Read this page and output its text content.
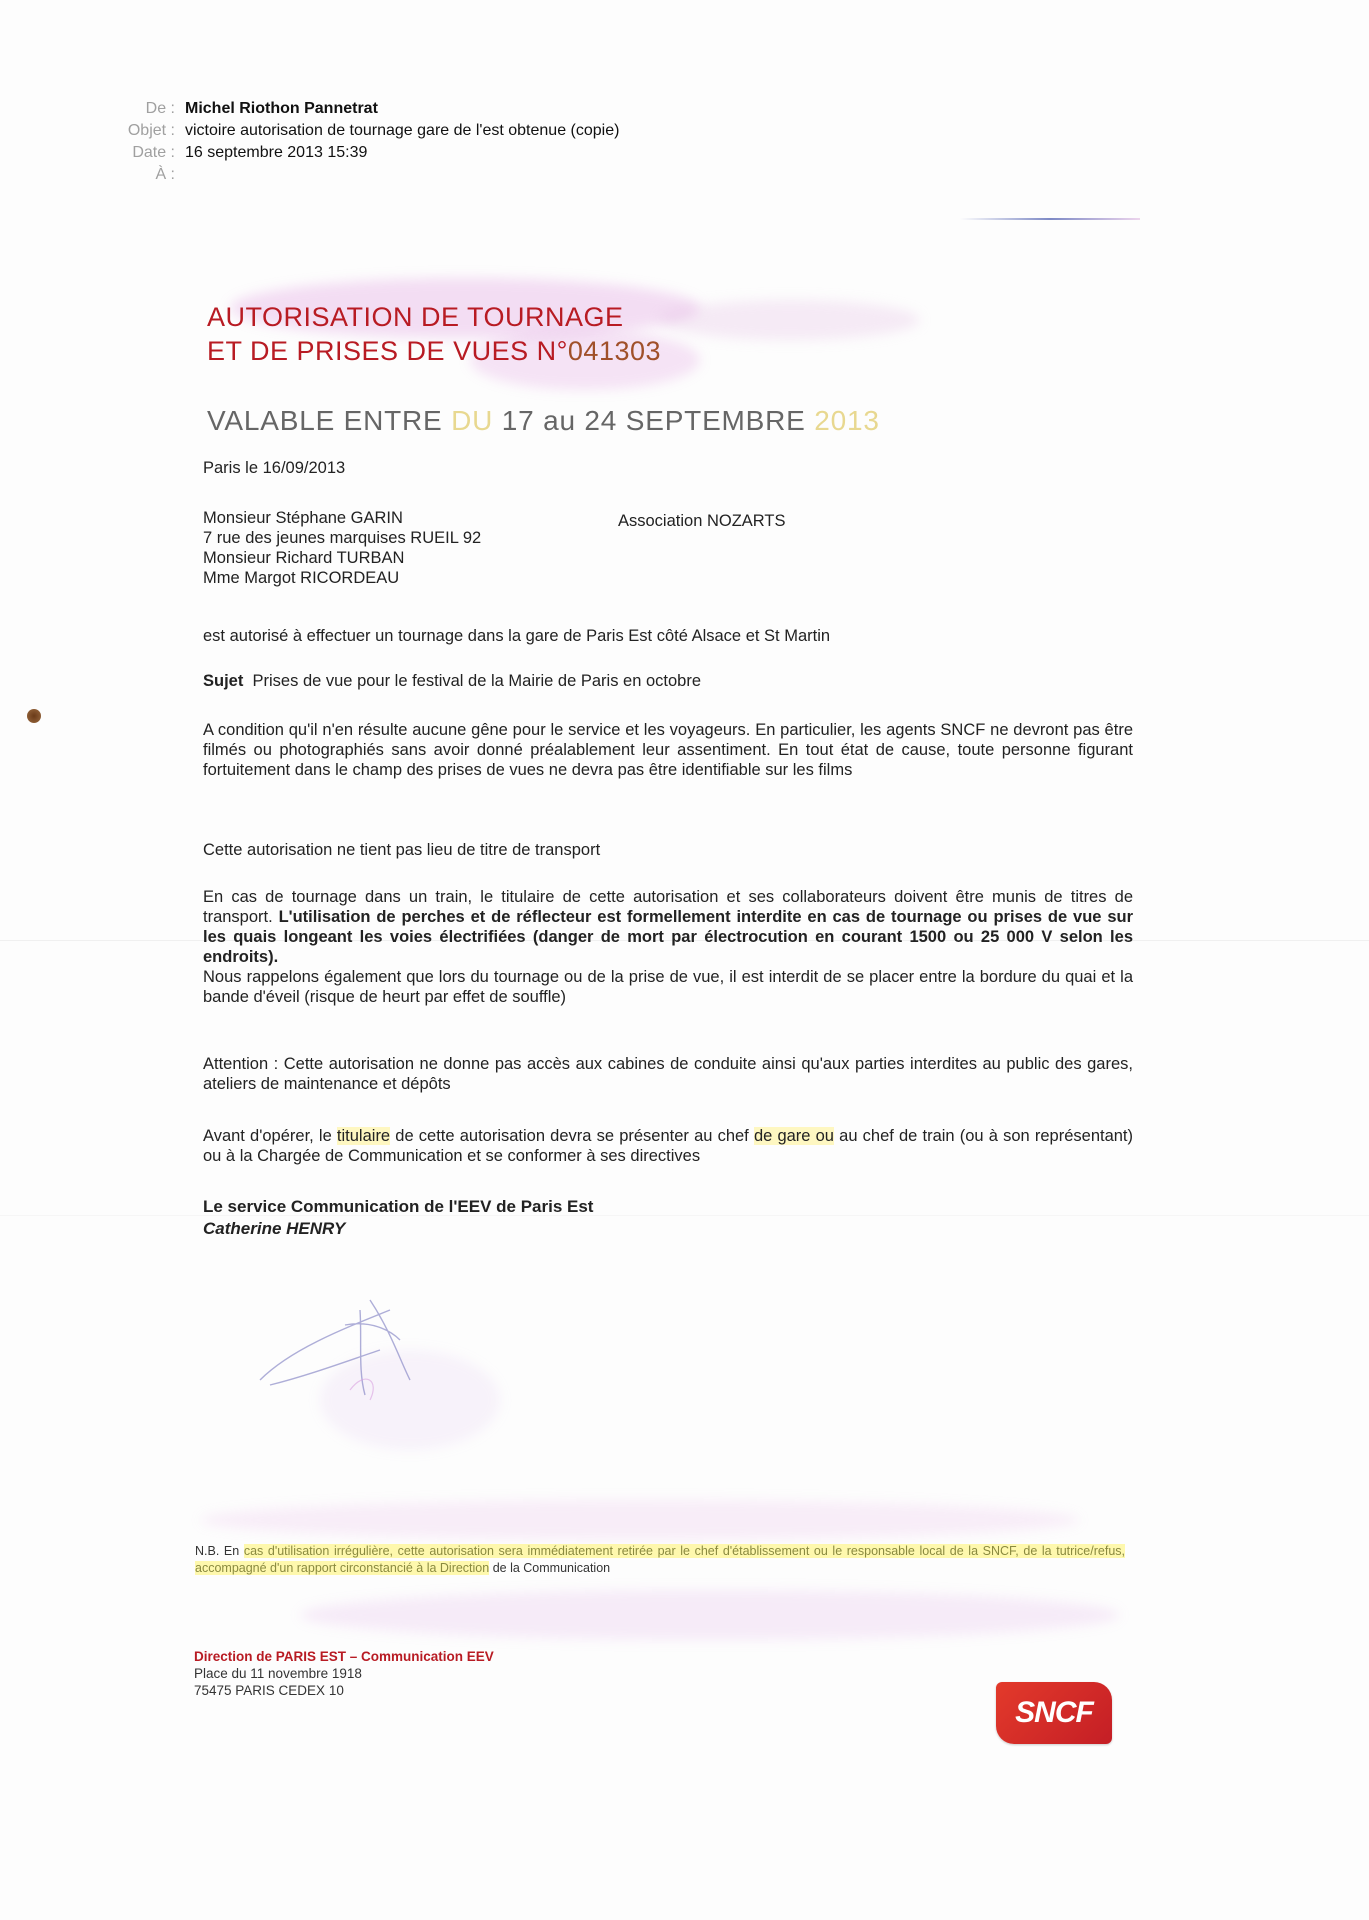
De : Michel Riothon Pannetrat
Objet : victoire autorisation de tournage gare de l'est obtenue (copie)
Date : 16 septembre 2013 15:39
À :
AUTORISATION DE TOURNAGE
ET DE PRISES DE VUES N°041303
VALABLE ENTRE DU 17 au 24 SEPTEMBRE 2013
Paris le 16/09/2013
Monsieur Stéphane GARIN
7 rue des jeunes marquises RUEIL 92
Monsieur Richard TURBAN
Mme Margot RICORDEAU
Association NOZARTS
est autorisé à effectuer un tournage dans la gare de Paris Est côté Alsace et St Martin
Sujet Prises de vue pour le festival de la Mairie de Paris en octobre
A condition qu'il n'en résulte aucune gêne pour le service et les voyageurs. En particulier, les agents SNCF ne devront pas être filmés ou photographiés sans avoir donné préalablement leur assentiment. En tout état de cause, toute personne figurant fortuitement dans le champ des prises de vues ne devra pas être identifiable sur les films
Cette autorisation ne tient pas lieu de titre de transport
En cas de tournage dans un train, le titulaire de cette autorisation et ses collaborateurs doivent être munis de titres de transport. L'utilisation de perches et de réflecteur est formellement interdite en cas de tournage ou prises de vue sur les quais longeant les voies électrifiées (danger de mort par électrocution en courant 1500 ou 25 000 V selon les endroits).
Nous rappelons également que lors du tournage ou de la prise de vue, il est interdit de se placer entre la bordure du quai et la bande d'éveil (risque de heurt par effet de souffle)
Attention : Cette autorisation ne donne pas accès aux cabines de conduite ainsi qu'aux parties interdites au public des gares, ateliers de maintenance et dépôts
Avant d'opérer, le titulaire de cette autorisation devra se présenter au chef de gare ou au chef de train (ou à son représentant) ou à la Chargée de Communication et se conformer à ses directives
Le service Communication de l'EEV de Paris Est
Catherine HENRY
N.B. En cas d'utilisation irrégulière, cette autorisation sera immédiatement retirée par le chef d'établissement ou le responsable local de la SNCF, de la tutrice/refus, accompagné d'un rapport circonstancié à la Direction de la Communication
Direction de PARIS EST – Communication EEV
Place du 11 novembre 1918
75475 PARIS CEDEX 10
SNCF
